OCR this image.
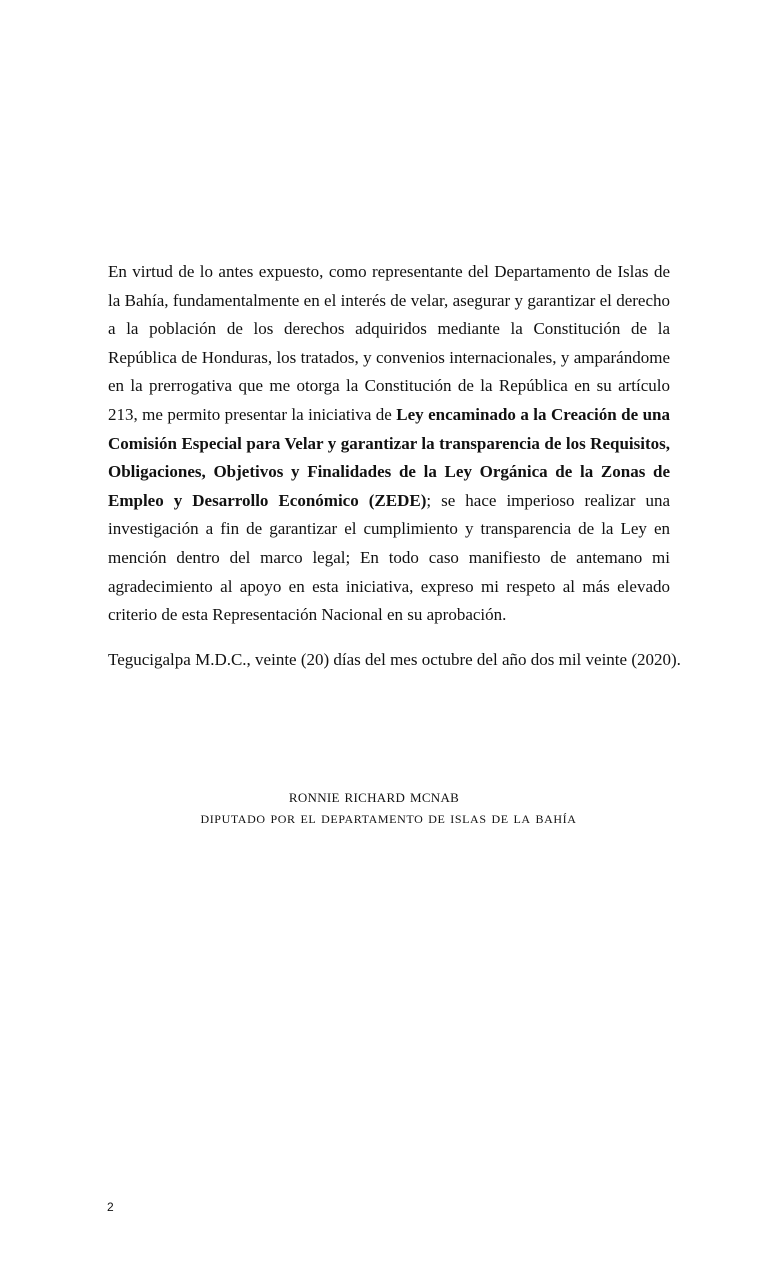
En virtud de lo antes expuesto, como representante del Departamento de Islas de la Bahía, fundamentalmente en el interés de velar, asegurar y garantizar el derecho a la población de los derechos adquiridos mediante la Constitución de la República de Honduras, los tratados, y convenios internacionales, y amparándome en la prerrogativa que me otorga la Constitución de la República en su artículo 213, me permito presentar la iniciativa de Ley encaminado a la Creación de una Comisión Especial para Velar y garantizar la transparencia de los Requisitos, Obligaciones, Objetivos y Finalidades de la Ley Orgánica de la Zonas de Empleo y Desarrollo Económico (ZEDE); se hace imperioso realizar una investigación a fin de garantizar el cumplimiento y transparencia de la Ley en mención dentro del marco legal; En todo caso manifiesto de antemano mi agradecimiento al apoyo en esta iniciativa, expreso mi respeto al más elevado criterio de esta Representación Nacional en su aprobación.

Tegucigalpa M.D.C., veinte (20) días del mes octubre del año dos mil veinte (2020).

ronnie richard mcnab
diputado por el departamento de islas de la bahía
2
